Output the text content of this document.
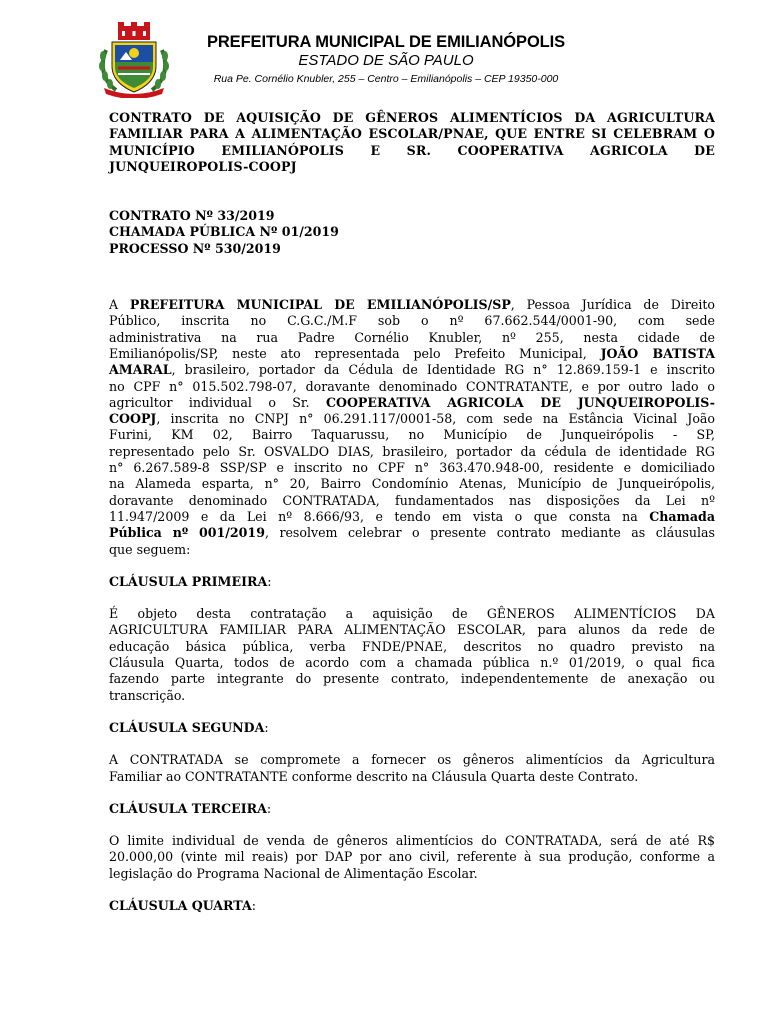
PREFEITURA MUNICIPAL DE EMILIANÓPOLIS
ESTADO DE SÃO PAULO
Rua Pe. Cornélio Knubler, 255 – Centro – Emilianópolis – CEP 19350-000
CONTRATO DE AQUISIÇÃO DE GÊNEROS ALIMENTÍCIOS DA AGRICULTURA
FAMILIAR PARA A ALIMENTAÇÃO ESCOLAR/PNAE, QUE ENTRE SI CELEBRAM O
MUNICÍPIO EMILIANÓPOLIS E SR. COOPERATIVA AGRICOLA DE
JUNQUEIROPOLIS-COOPJ
CONTRATO Nº 33/2019
CHAMADA PÚBLICA Nº 01/2019
PROCESSO Nº 530/2019
A PREFEITURA MUNICIPAL DE EMILIANÓPOLIS/SP, Pessoa Jurídica de Direito
Público, inscrita no C.G.C./M.F sob o nº 67.662.544/0001-90, com sede
administrativa na rua Padre Cornélio Knubler, nº 255, nesta cidade de
Emilianópolis/SP, neste ato representada pelo Prefeito Municipal, JOÃO BATISTA
AMARAL, brasileiro, portador da Cédula de Identidade RG n° 12.869.159-1 e inscrito
no CPF n° 015.502.798-07, doravante denominado CONTRATANTE, e por outro lado o
agricultor individual o Sr. COOPERATIVA AGRICOLA DE JUNQUEIROPOLIS-
COOPJ, inscrita no CNPJ n° 06.291.117/0001-58, com sede na Estância Vicinal João
Furini, KM 02, Bairro Taquarussu, no Município de Junqueirópolis - SP,
representado pelo Sr. OSVALDO DIAS, brasileiro, portador da cédula de identidade RG
n° 6.267.589-8 SSP/SP e inscrito no CPF n° 363.470.948-00, residente e domiciliado
na Alameda esparta, n° 20, Bairro Condomínio Atenas, Município de Junqueirópolis,
doravante denominado CONTRATADA, fundamentados nas disposições da Lei nº
11.947/2009 e da Lei nº 8.666/93, e tendo em vista o que consta na Chamada
Pública nº 001/2019, resolvem celebrar o presente contrato mediante as cláusulas
que seguem:
CLÁUSULA PRIMEIRA:
É objeto desta contratação a aquisição de GÊNEROS ALIMENTÍCIOS DA
AGRICULTURA FAMILIAR PARA ALIMENTAÇÃO ESCOLAR, para alunos da rede de
educação básica pública, verba FNDE/PNAE, descritos no quadro previsto na
Cláusula Quarta, todos de acordo com a chamada pública n.º 01/2019, o qual fica
fazendo parte integrante do presente contrato, independentemente de anexação ou
transcrição.
CLÁUSULA SEGUNDA:
A CONTRATADA se compromete a fornecer os gêneros alimentícios da Agricultura
Familiar ao CONTRATANTE conforme descrito na Cláusula Quarta deste Contrato.
CLÁUSULA TERCEIRA:
O limite individual de venda de gêneros alimentícios do CONTRATADA, será de até R$
20.000,00 (vinte mil reais) por DAP por ano civil, referente à sua produção, conforme a
legislação do Programa Nacional de Alimentação Escolar.
CLÁUSULA QUARTA:
